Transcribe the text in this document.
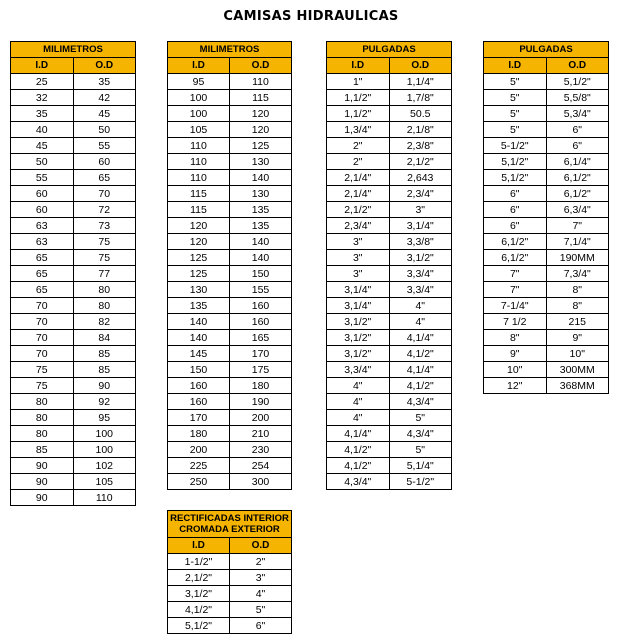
CAMISAS HIDRAULICAS
MILIMETROS	
I.D	O.D
25	35
32	42
35	45
40	50
45	55
50	60
55	65
60	70
60	72
63	73
63	75
65	75
65	77
65	80
70	80
70	82
70	84
70	85
75	85
75	90
80	92
80	95
80	100
85	100
90	102
90	105
90	110
MILIMETROS	
I.D	O.D
95	110
100	115
100	120
105	120
110	125
110	130
110	140
115	130
115	135
120	135
120	140
125	140
125	150
130	155
135	160
140	160
140	165
145	170
150	175
160	180
160	190
170	200
180	210
200	230
225	254
250	300
PULGADAS	
I.D	O.D
1"	1,1/4"
1,1/2"	1,7/8"
1,1/2"	50.5
1,3/4"	2,1/8"
2"	2,3/8"
2"	2,1/2"
2,1/4"	2,643
2,1/4"	2,3/4"
2,1/2"	3"
2,3/4"	3,1/4"
3"	3,3/8"
3"	3,1/2"
3"	3,3/4"
3,1/4"	3,3/4"
3,1/4"	4"
3,1/2"	4"
3,1/2"	4,1/4"
3,1/2"	4,1/2"
3,3/4"	4,1/4"
4"	4,1/2"
4"	4,3/4"
4"	5"
4,1/4"	4,3/4"
4,1/2"	5"
4,1/2"	5,1/4"
4,3/4"	5-1/2"
PULGADAS	
I.D	O.D
5"	5,1/2"
5"	5,5/8"
5"	5,3/4"
5"	6"
5-1/2"	6"
5,1/2"	6,1/4"
5,1/2"	6,1/2"
6"	6,1/2"
6"	6,3/4"
6"	7"
6,1/2"	7,1/4"
6,1/2"	190MM
7"	7,3/4"
7"	8"
7-1/4"	8"
7 1/2	215
8"	9"
9"	10"
10"	300MM
12"	368MM
RECTIFICADAS INTERIOR CROMADA EXTERIOR	
I.D	O.D
1-1/2"	2"
2,1/2"	3"
3,1/2"	4"
4,1/2"	5"
5,1/2"	6"
